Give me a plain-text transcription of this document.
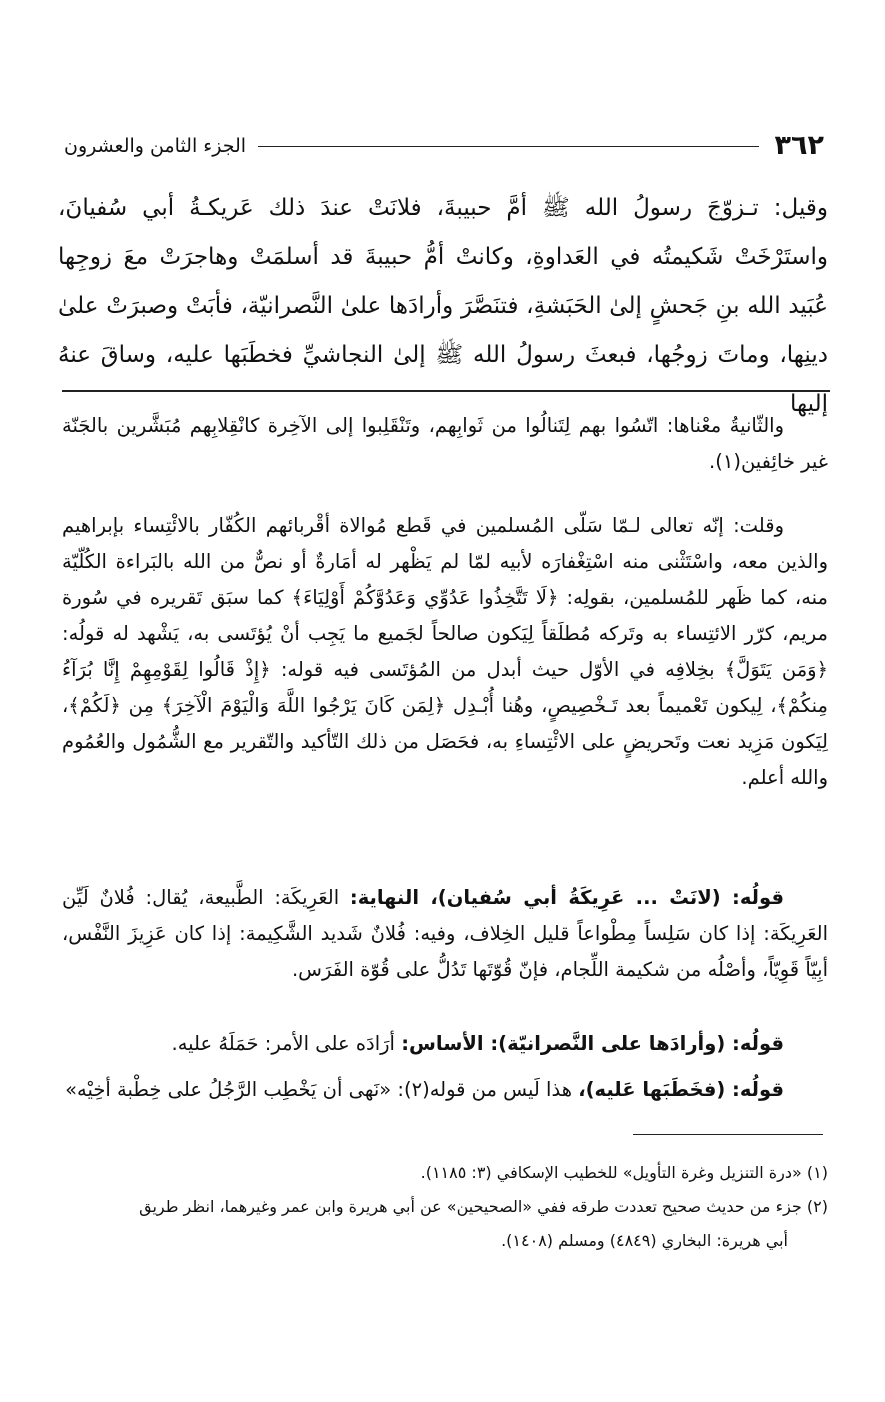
٣٦٢
الجزء الثامن والعشرون

وقيل: تـزوّجَ رسولُ الله ﷺ أمَّ حبيبةَ، فلانَتْ عندَ ذلك عَريكـةُ أبي سُفيانَ، واستَرْخَتْ شَكيمتُه في العَداوةِ، وكانتْ أمُّ حبيبةَ قد أسلمَتْ وهاجرَتْ معَ زوجِها عُبَيد الله بنِ جَحشٍ إلىٰ الحَبَشةِ، فتنَصَّرَ وأرادَها علىٰ النَّصرانيّة، فأبَتْ وصبرَتْ علىٰ دينِها، وماتَ زوجُها، فبعثَ رسولُ الله ﷺ إلىٰ النجاشيِّ فخطَبَها عليه، وساقَ عنهُ إليها

والثّانيةُ معْناها: اتّسُوا بهم لِتَنالُوا من ثَوابِهم، وتَنْقَلِبوا إلى الآخِرة كانْقِلابِهم مُبَشَّرين بالجَنّة غير خائِفين(١).

وقلت: إنّه تعالى لـمّا سَلّى المُسلمين في قَطع مُوالاة أقْربائهم الكُفّار بالائْتِساء بإبراهيم والذين معه، واسْتَثْنى منه اسْتِغْفارَه لأبيه لمّا لم يَظْهر له أمَارةٌ أو نصٌّ من الله بالبَراءة الكُلّيّة منه، كما ظَهر للمُسلمين، بقولِه: ﴿لَا تَتَّخِذُوا عَدُوِّي وَعَدُوَّكُمْ أَوْلِيَاءَ﴾ كما سبَق تَقريره في سُورة مريم، كرّر الائتِساء به وتَركه مُطلَقاً لِيَكون صالحاً لجَميع ما يَجِب أنْ يُؤتَسى به، يَشْهد له قولُه: ﴿وَمَن يَتَوَلَّ﴾ بخِلافِه في الأوّل حيث أبدل من المُؤتَسى فيه قوله: ﴿إِذْ قَالُوا لِقَوْمِهِمْ إِنَّا بُرَآءُ مِنكُمْ﴾، لِيكون تَعْميماً بعد تَـخْصِيصٍ، وهُنا أُبْـدِل ﴿لِمَن كَانَ يَرْجُوا اللَّهَ وَالْيَوْمَ الْآخِرَ﴾ مِن ﴿لَكُمْ﴾، لِيَكون مَزِيد نعت وتَحريضٍ على الائْتِساءِ به، فحَصَل من ذلك التّأكيد والتّقرير مع الشُّمُول والعُمُوم والله أعلم.

قولُه: (لانَتْ ... عَرِيكَةُ أبي سُفيان)، النهاية: العَرِيكَة: الطَّبيعة، يُقال: فُلانٌ لَيِّن العَرِيكَة: إذا كان سَلِساً مِطْواعاً قليل الخِلاف، وفيه: فُلانٌ شَديد الشَّكِيمة: إذا كان عَزِيزَ النَّفْس، أبِيّاً قَوِيّاً، وأصْلُه من شكيمة اللِّجام، فإنّ قُوّتَها تَدُلُّ على قُوّة الفَرَس.

قولُه: (وأرادَها على النَّصرانيّة): الأساس: أرَادَه على الأمر: حَمَلَهُ عليه.

قولُه: (فخَطَبَها عَليه)، هذا لَيس من قوله(٢): «نَهى أن يَخْطِب الرَّجُلُ على خِطْبة أخِيْه»

(١) «درة التنزيل وغرة التأويل» للخطيب الإسكافي (٣: ١١٨٥).

(٢) جزء من حديث صحيح تعددت طرقه ففي «الصحيحين» عن أبي هريرة وابن عمر وغيرهما، انظر طريق

أبي هريرة: البخاري (٤٨٤٩) ومسلم (١٤٠٨).
